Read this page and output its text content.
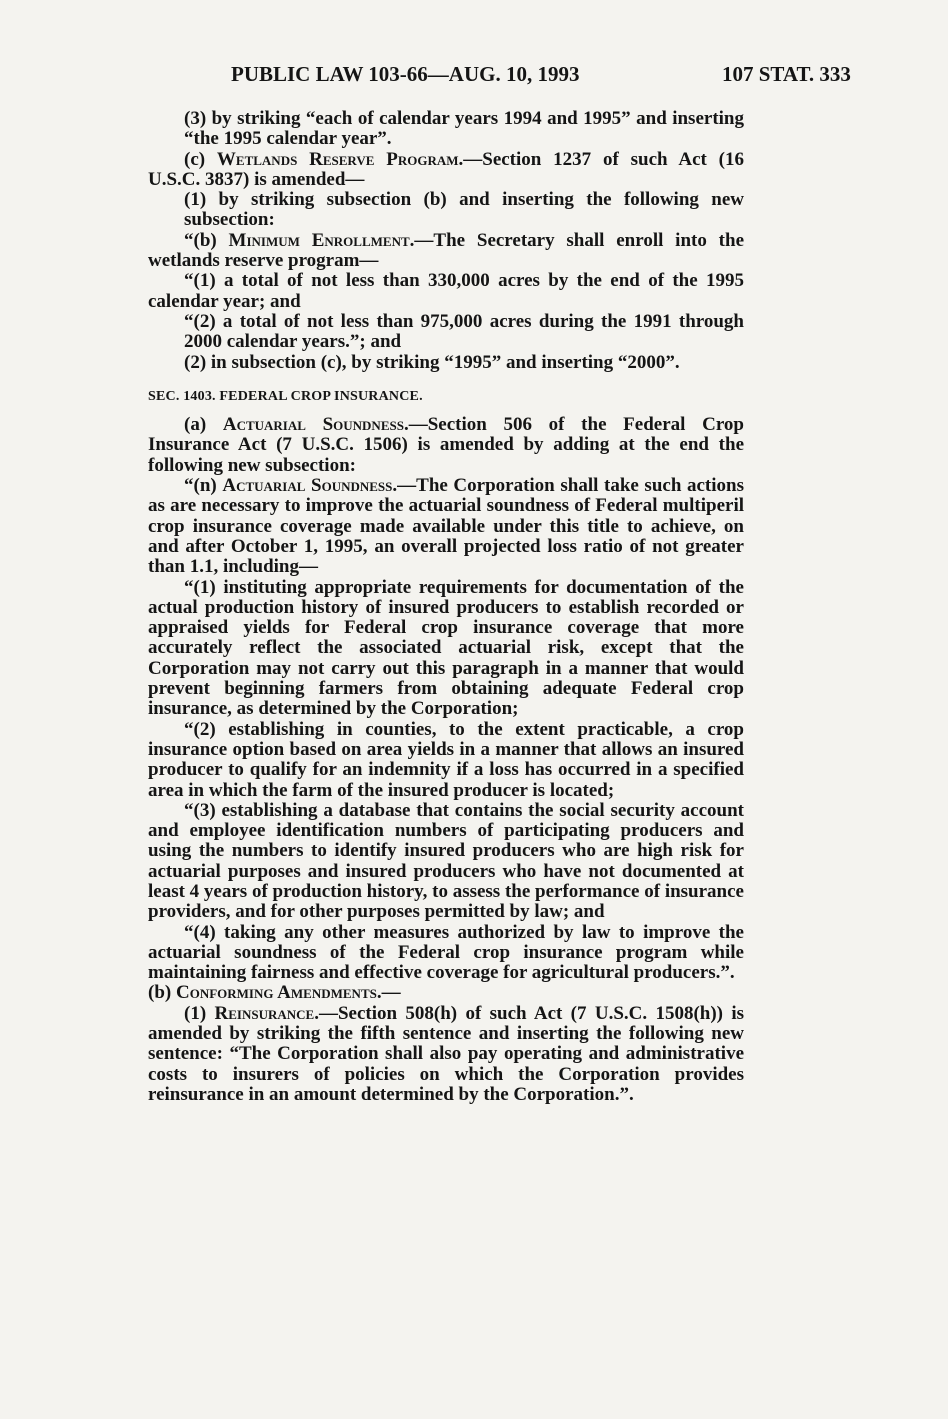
PUBLIC LAW 103-66—AUG. 10, 1993	107 STAT. 333

(3) by striking “each of calendar years 1994 and 1995” and inserting “the 1995 calendar year”.

(c) Wetlands Reserve Program.—Section 1237 of such Act (16 U.S.C. 3837) is amended—

(1) by striking subsection (b) and inserting the following new subsection:

“(b) Minimum Enrollment.—The Secretary shall enroll into the wetlands reserve program—

“(1) a total of not less than 330,000 acres by the end of the 1995 calendar year; and

“(2) a total of not less than 975,000 acres during the 1991 through 2000 calendar years.”; and

(2) in subsection (c), by striking “1995” and inserting “2000”.

SEC. 1403. FEDERAL CROP INSURANCE.

(a) Actuarial Soundness.—Section 506 of the Federal Crop Insurance Act (7 U.S.C. 1506) is amended by adding at the end the following new subsection:

“(n) Actuarial Soundness.—The Corporation shall take such actions as are necessary to improve the actuarial soundness of Federal multiperil crop insurance coverage made available under this title to achieve, on and after October 1, 1995, an overall projected loss ratio of not greater than 1.1, including—

“(1) instituting appropriate requirements for documentation of the actual production history of insured producers to establish recorded or appraised yields for Federal crop insurance coverage that more accurately reflect the associated actuarial risk, except that the Corporation may not carry out this paragraph in a manner that would prevent beginning farmers from obtaining adequate Federal crop insurance, as determined by the Corporation;

“(2) establishing in counties, to the extent practicable, a crop insurance option based on area yields in a manner that allows an insured producer to qualify for an indemnity if a loss has occurred in a specified area in which the farm of the insured producer is located;

“(3) establishing a database that contains the social security account and employee identification numbers of participating producers and using the numbers to identify insured producers who are high risk for actuarial purposes and insured producers who have not documented at least 4 years of production history, to assess the performance of insurance providers, and for other purposes permitted by law; and

“(4) taking any other measures authorized by law to improve the actuarial soundness of the Federal crop insurance program while maintaining fairness and effective coverage for agricultural producers.”.

(b) Conforming Amendments.—

(1) Reinsurance.—Section 508(h) of such Act (7 U.S.C. 1508(h)) is amended by striking the fifth sentence and inserting the following new sentence: “The Corporation shall also pay operating and administrative costs to insurers of policies on which the Corporation provides reinsurance in an amount determined by the Corporation.”.
